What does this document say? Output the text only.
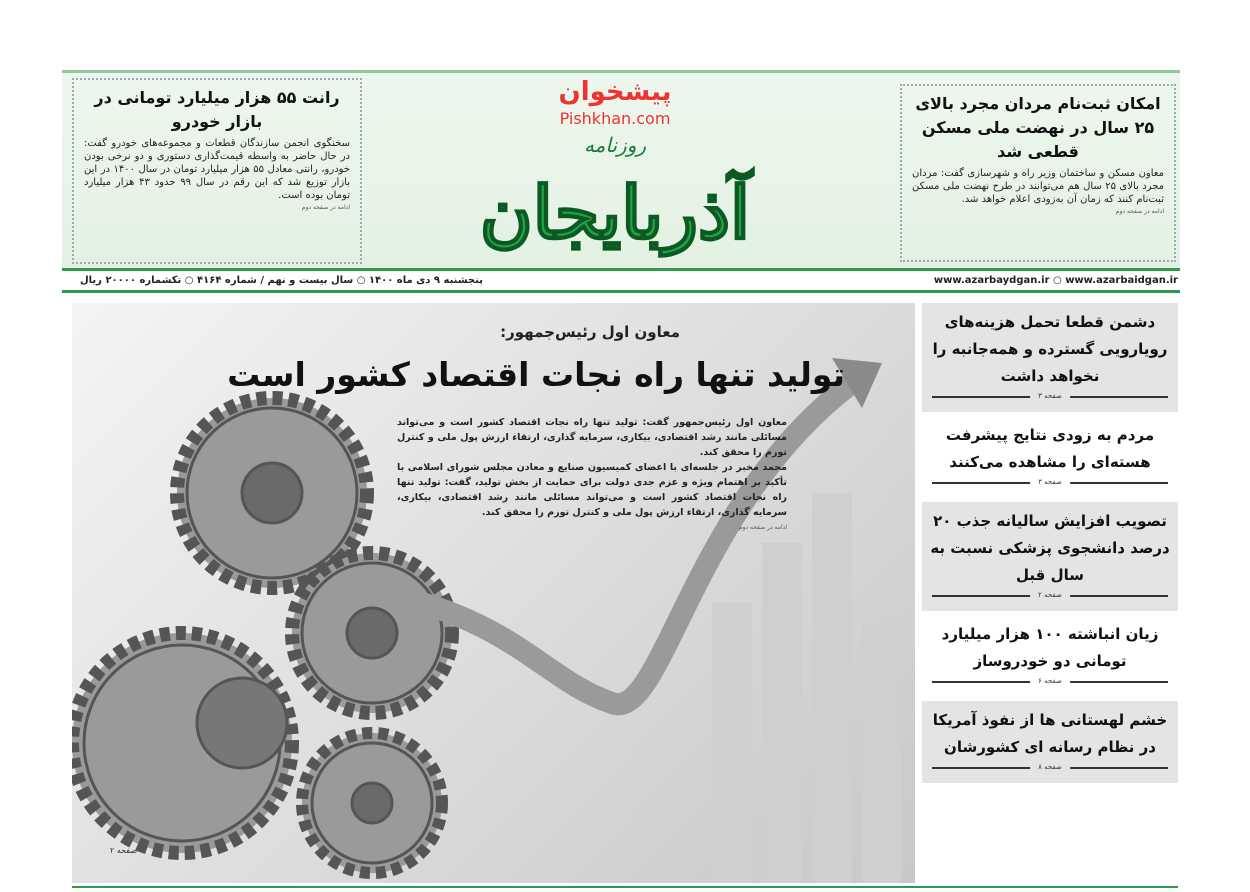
امکان ثبت‌نام مردان مجرد بالای ۲۵ سال در نهضت ملی مسکن قطعی شد

معاون مسکن و ساختمان وزیر راه و شهرسازی گفت: مردان مجرد بالای ۲۵ سال هم می‌توانند در طرح نهضت ملی مسکن ثبت‌نام کنند که زمان آن به‌زودی اعلام خواهد شد.

ادامه در صفحه دوم
رانت ۵۵ هزار میلیارد تومانی در بازار خودرو

سخنگوی انجمن سازندگان قطعات و مجموعه‌های خودرو گفت: در حال حاضر به واسطه قیمت‌گذاری دستوری و دو نرخی بودن خودرو، رانتی معادل ۵۵ هزار میلیارد تومان در سال ۱۴۰۰ در این بازار توزیع شد که این رقم در سال ۹۹ حدود ۴۳ هزار میلیارد تومان بوده است.

ادامه در صفحه دوم
پیشخوان
Pishkhan.com
روزنامه
آذربایجان
www.azarbaydgan.ir ○ www.azarbaidgan.ir
پنجشنبه ۹ دی ماه ۱۴۰۰ ○ سال بیست و نهم / شماره ۴۱۶۴ ○ تکشماره ۲۰۰۰۰ ریال
معاون اول رئیس‌جمهور:
تولید تنها راه نجات اقتصاد کشور است

معاون اول رئیس‌جمهور گفت: تولید تنها راه نجات اقتصاد کشور است و می‌تواند مسائلی مانند رشد اقتصادی، بیکاری، سرمایه گذاری، ارتقاء ارزش پول ملی و کنترل تورم را محقق کند.

محمد مخبر در جلسه‌ای با اعضای کمیسیون صنایع و معادن مجلس شورای اسلامی با تأکید بر اهتمام ویژه و عزم جدی دولت برای حمایت از بخش تولید، گفت: تولید تنها راه نجات اقتصاد کشور است و می‌تواند مسائلی مانند رشد اقتصادی، بیکاری، سرمایه گذاری، ارتقاء ارزش پول ملی و کنترل تورم را محقق کند.

ادامه در صفحه دوم

صفحه ۲
دشمن قطعا تحمل هزینه‌های رویارویی گسترده و همه‌جانبه را نخواهد داشت
صفحه ۳
مردم به زودی نتایج پیشرفت هسته‌ای را مشاهده می‌کنند
صفحه ۳
تصویب افزایش سالیانه جذب ۲۰ درصد دانشجوی پزشکی نسبت به سال قبل
صفحه ۲
زیان انباشته ۱۰۰ هزار میلیارد تومانی دو خودروساز
صفحه ۶
خشم لهستانی ها از نفوذ آمریکا در نظام رسانه ای کشورشان
صفحه ۸
